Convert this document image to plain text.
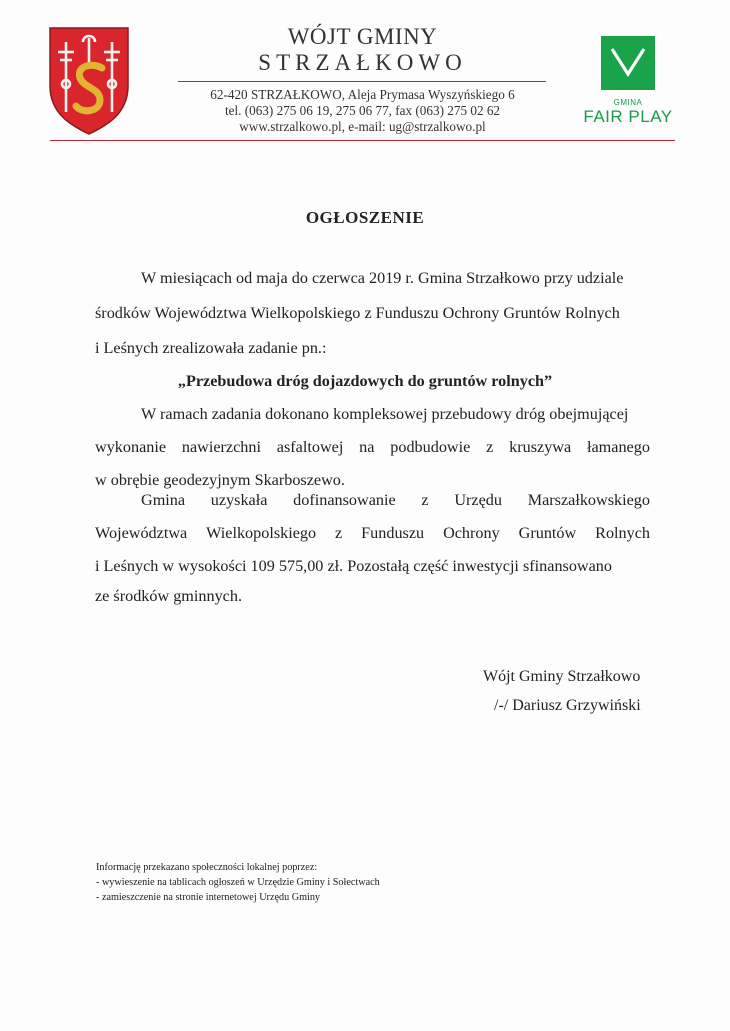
WÓJT GMINY
STRZAŁKOWO
62-420 STRZAŁKOWO, Aleja Prymasa Wyszyńskiego 6
tel. (063) 275 06 19, 275 06 77, fax (063) 275 02 62
www.strzalkowo.pl, e-mail: ug@strzalkowo.pl
GMINA
FAIR PLAY
OGŁOSZENIE
W miesiącach od maja do czerwca 2019 r. Gmina Strzałkowo przy udziale
środków Województwa Wielkopolskiego z Funduszu Ochrony Gruntów Rolnych
i Leśnych zrealizowała zadanie pn.:
„Przebudowa dróg dojazdowych do gruntów rolnych”
W ramach zadania dokonano kompleksowej przebudowy dróg obejmującej
wykonanie nawierzchni asfaltowej na podbudowie z kruszywa łamanego
w obrębie geodezyjnym Skarboszewo.
Gmina uzyskała dofinansowanie z Urzędu Marszałkowskiego
Województwa Wielkopolskiego z Funduszu Ochrony Gruntów Rolnych
i Leśnych w wysokości 109 575,00 zł. Pozostałą część inwestycji sfinansowano
ze środków gminnych.
Wójt Gminy Strzałkowo
/-/ Dariusz Grzywiński
Informację przekazano społeczności lokalnej poprzez:
- wywieszenie na tablicach ogłoszeń w Urzędzie Gminy i Sołectwach
- zamieszczenie na stronie internetowej Urzędu Gminy
